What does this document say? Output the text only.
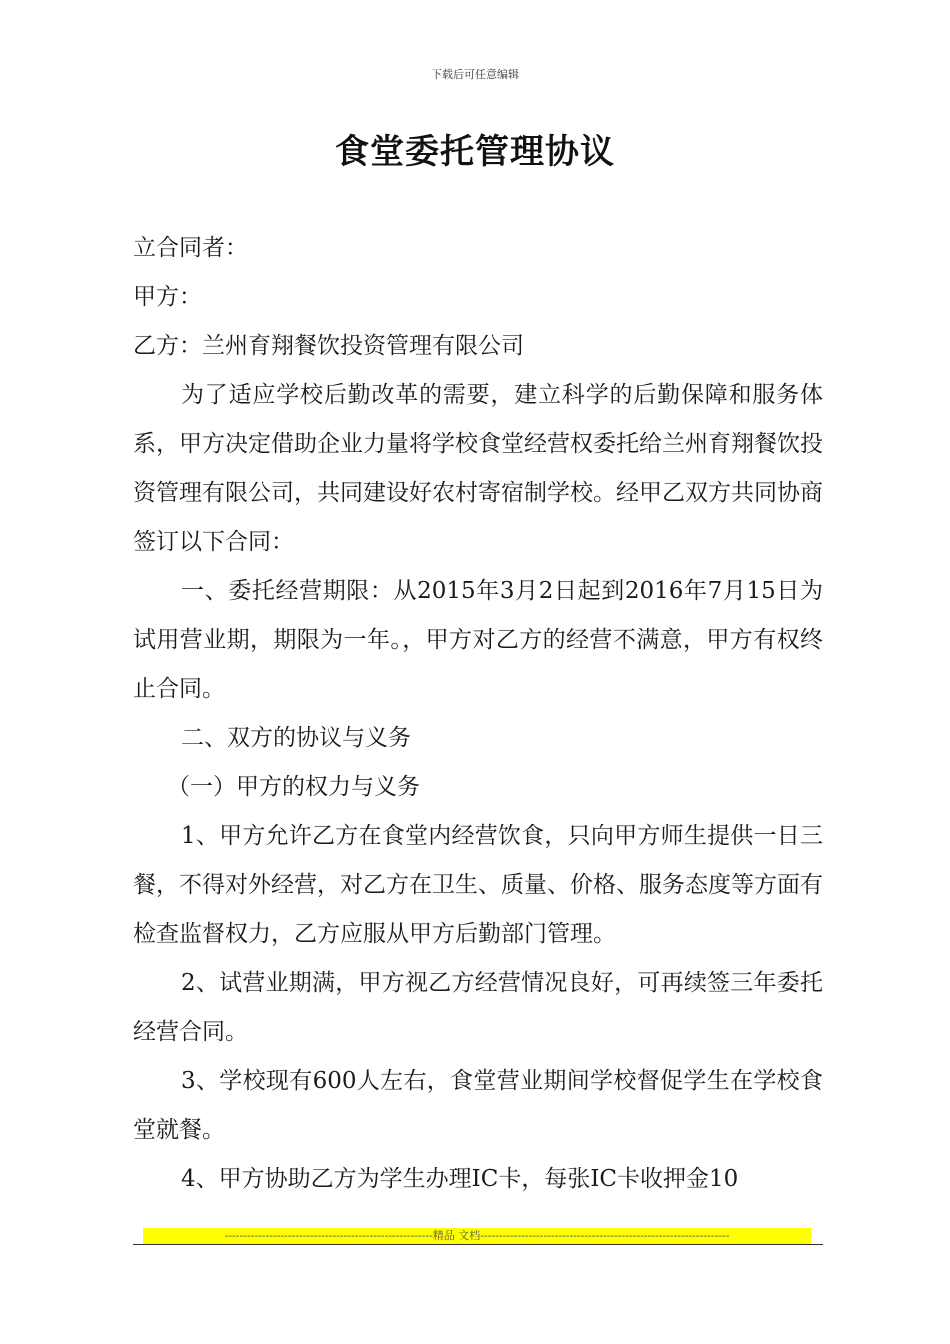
下载后可任意编辑
食堂委托管理协议

立合同者：

甲方：

乙方：兰州育翔餐饮投资管理有限公司

为了适应学校后勤改革的需要，建立科学的后勤保障和服务体系，甲方决定借助企业力量将学校食堂经营权委托给兰州育翔餐饮投资管理有限公司，共同建设好农村寄宿制学校。经甲乙双方共同协商签订以下合同：

一、委托经营期限：从2015年3月2日起到2016年7月15日为试用营业期，期限为一年。，甲方对乙方的经营不满意，甲方有权终止合同。

二、双方的协议与义务

（一）甲方的权力与义务

1、甲方允许乙方在食堂内经营饮食，只向甲方师生提供一日三餐，不得对外经营，对乙方在卫生、质量、价格、服务态度等方面有检查监督权力，乙方应服从甲方后勤部门管理。

2、试营业期满，甲方视乙方经营情况良好，可再续签三年委托经营合同。

3、学校现有600人左右，食堂营业期间学校督促学生在学校食堂就餐。

4、甲方协助乙方为学生办理IC卡，每张IC卡收押金10

--------------------------------------------------------精品 文档-------------------------------------------------------------------
